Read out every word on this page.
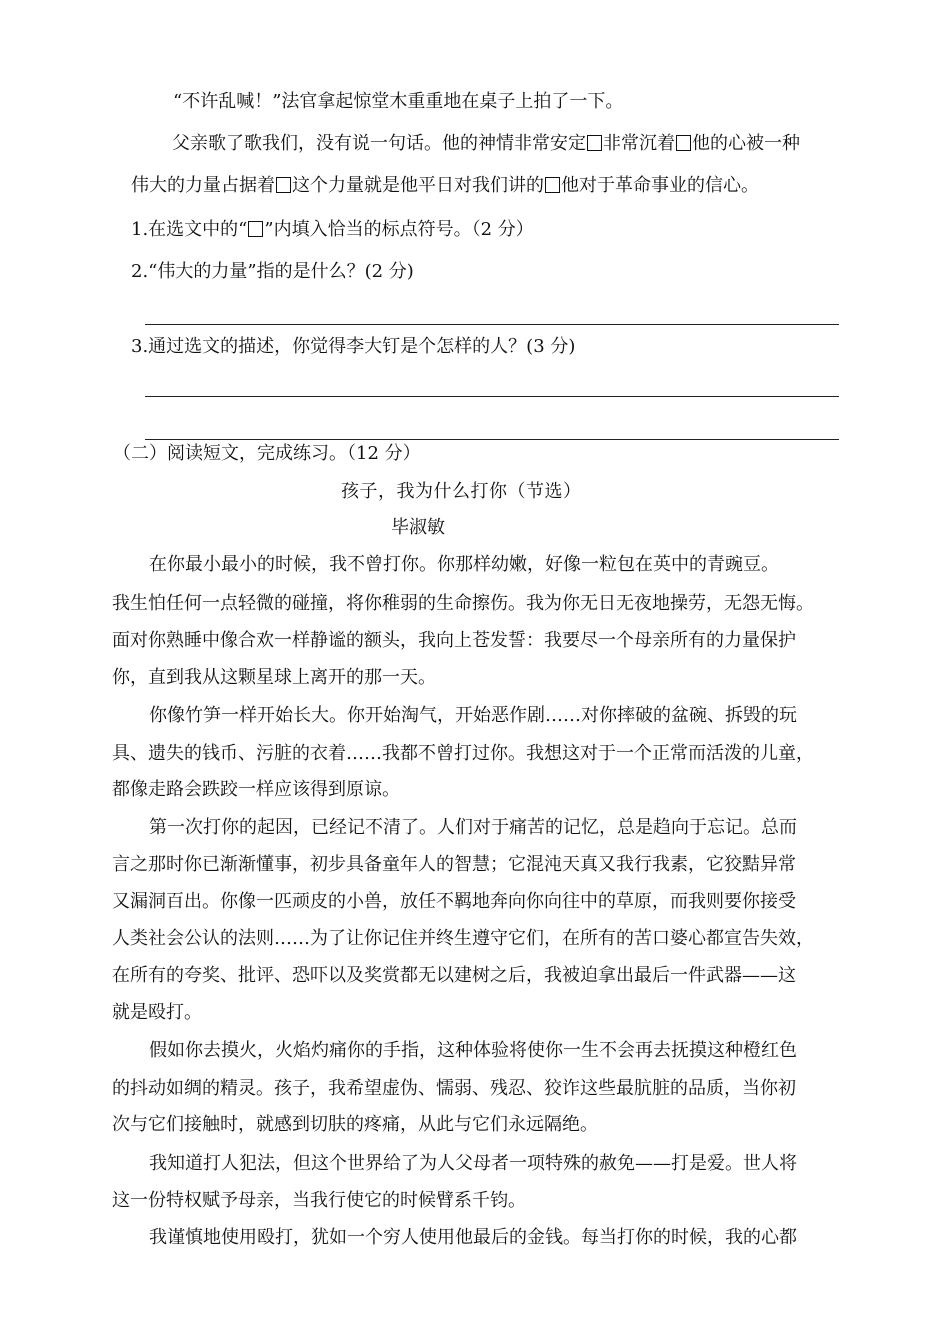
“不许乱喊！”法官拿起惊堂木重重地在桌子上拍了一下。
父亲歌了歌我们，没有说一句话。他的神情非常安定 非常沉着 他的心被一种
伟大的力量占据着 这个力量就是他平日对我们讲的 他对于革命事业的信心。
1.在选文中的“ ”内填入恰当的标点符号。（2 分）
2.“伟大的力量”指的是什么？(2 分)
3.通过选文的描述，你觉得李大钉是个怎样的人？(3 分)
（二）阅读短文，完成练习。（12 分）
孩子，我为什么打你（节选）
毕淑敏
在你最小最小的时候，我不曾打你。你那样幼嫩，好像一粒包在英中的青豌豆。
我生怕任何一点轻微的碰撞，将你稚弱的生命擦伤。我为你无日无夜地操劳，无怨无悔。
面对你熟睡中像合欢一样静谧的额头，我向上苍发誓：我要尽一个母亲所有的力量保护
你，直到我从这颗星球上离开的那一天。
你像竹笋一样开始长大。你开始淘气，开始恶作剧……对你摔破的盆碗、拆毁的玩
具、遗失的钱币、污脏的衣着……我都不曾打过你。我想这对于一个正常而活泼的儿童，
都像走路会跌跤一样应该得到原谅。
第一次打你的起因，已经记不清了。人们对于痛苦的记忆，总是趋向于忘记。总而
言之那时你已渐渐懂事，初步具备童年人的智慧；它混沌天真又我行我素，它狡黠异常
又漏洞百出。你像一匹顽皮的小兽，放任不羁地奔向你向往中的草原，而我则要你接受
人类社会公认的法则……为了让你记住并终生遵守它们，在所有的苦口婆心都宣告失效，
在所有的夸奖、批评、恐吓以及奖赏都无以建树之后，我被迫拿出最后一件武器——这
就是殴打。
假如你去摸火，火焰灼痛你的手指，这种体验将使你一生不会再去抚摸这种橙红色
的抖动如绸的精灵。孩子，我希望虚伪、懦弱、残忍、狡诈这些最肮脏的品质，当你初
次与它们接触时，就感到切肤的疼痛，从此与它们永远隔绝。
我知道打人犯法，但这个世界给了为人父母者一项特殊的赦免——打是爱。世人将
这一份特权赋予母亲，当我行使它的时候臂系千钧。
我谨慎地使用殴打，犹如一个穷人使用他最后的金钱。每当打你的时候，我的心都
